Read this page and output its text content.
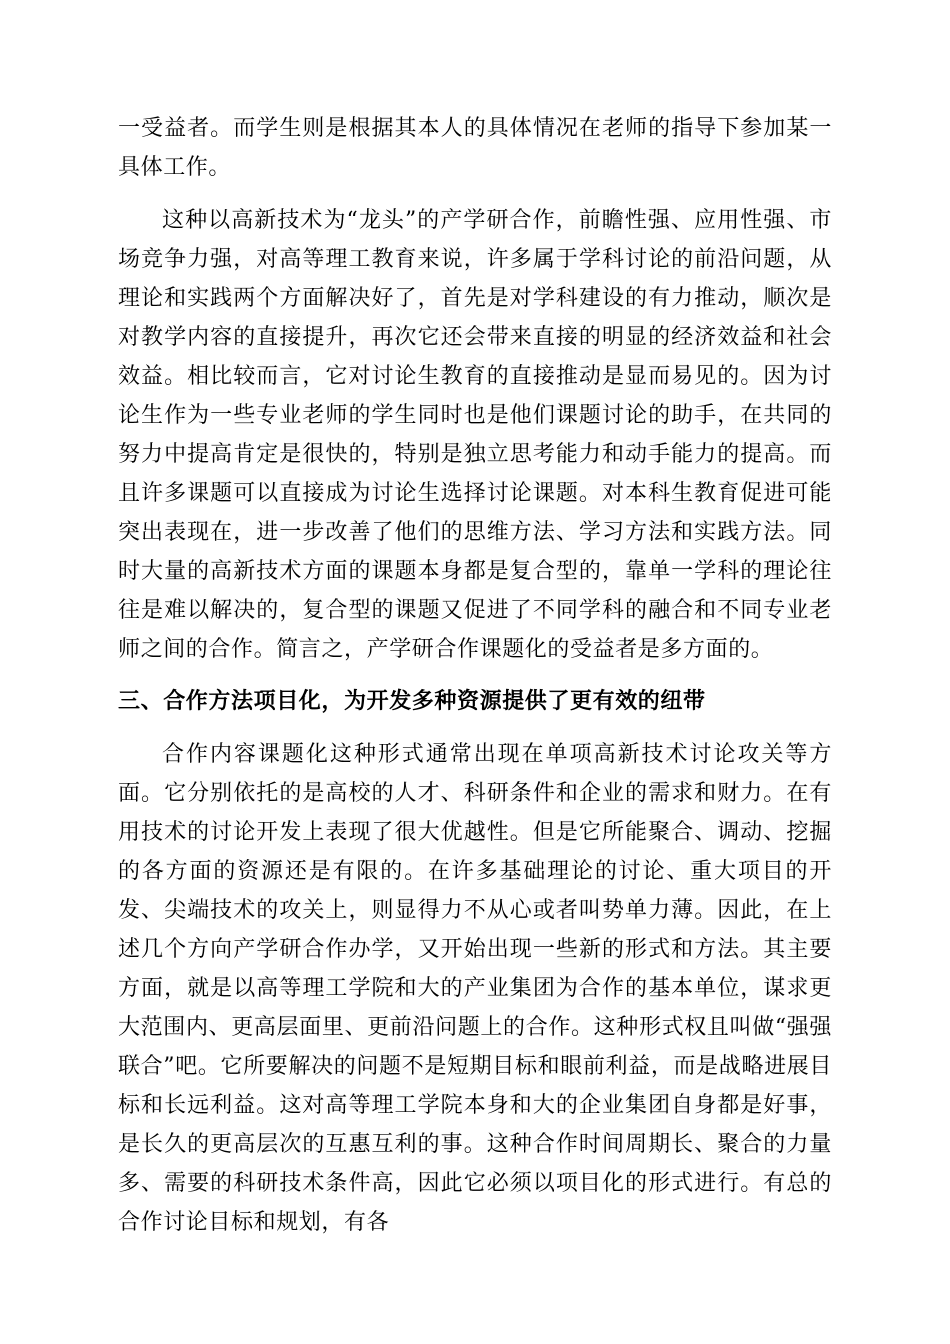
一受益者。而学生则是根据其本人的具体情况在老师的指导下参加某一具体工作。

这种以高新技术为“龙头”的产学研合作，前瞻性强、应用性强、市场竞争力强，对高等理工教育来说，许多属于学科讨论的前沿问题，从理论和实践两个方面解决好了，首先是对学科建设的有力推动，顺次是对教学内容的直接提升，再次它还会带来直接的明显的经济效益和社会效益。相比较而言，它对讨论生教育的直接推动是显而易见的。因为讨论生作为一些专业老师的学生同时也是他们课题讨论的助手，在共同的努力中提高肯定是很快的，特别是独立思考能力和动手能力的提高。而且许多课题可以直接成为讨论生选择讨论课题。对本科生教育促进可能突出表现在，进一步改善了他们的思维方法、学习方法和实践方法。同时大量的高新技术方面的课题本身都是复合型的，靠单一学科的理论往往是难以解决的，复合型的课题又促进了不同学科的融合和不同专业老师之间的合作。简言之，产学研合作课题化的受益者是多方面的。

三、合作方法项目化，为开发多种资源提供了更有效的纽带

合作内容课题化这种形式通常出现在单项高新技术讨论攻关等方面。它分别依托的是高校的人才、科研条件和企业的需求和财力。在有用技术的讨论开发上表现了很大优越性。但是它所能聚合、调动、挖掘的各方面的资源还是有限的。在许多基础理论的讨论、重大项目的开发、尖端技术的攻关上，则显得力不从心或者叫势单力薄。因此，在上述几个方向产学研合作办学，又开始出现一些新的形式和方法。其主要方面，就是以高等理工学院和大的产业集团为合作的基本单位，谋求更大范围内、更高层面里、更前沿问题上的合作。这种形式权且叫做“强强联合”吧。它所要解决的问题不是短期目标和眼前利益，而是战略进展目标和长远利益。这对高等理工学院本身和大的企业集团自身都是好事，是长久的更高层次的互惠互利的事。这种合作时间周期长、聚合的力量多、需要的科研技术条件高，因此它必须以项目化的形式进行。有总的合作讨论目标和规划，有各
